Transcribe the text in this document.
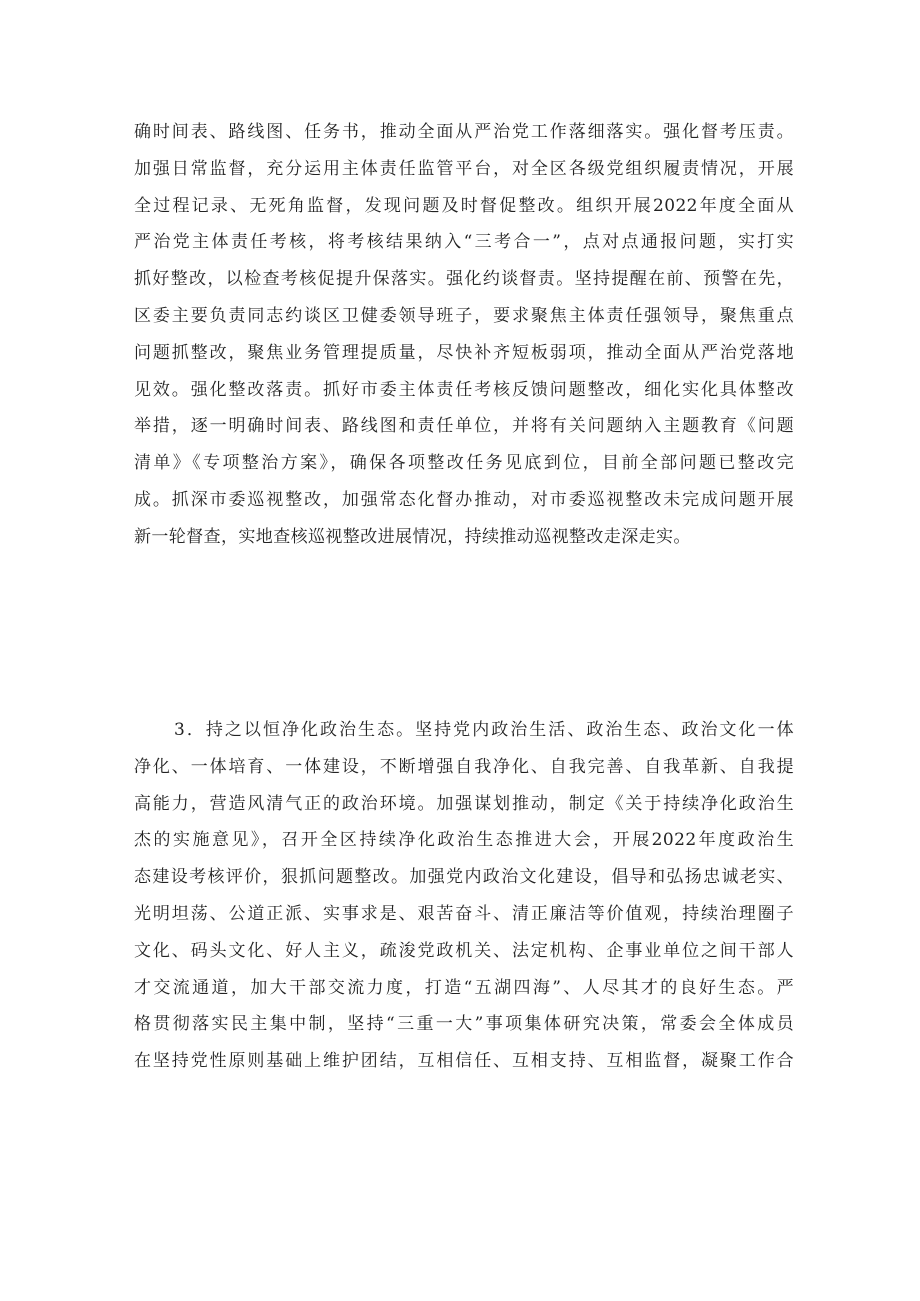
确时间表、路线图、任务书，推动全面从严治党工作落细落实。强化督考压责。
加强日常监督，充分运用主体责任监管平台，对全区各级党组织履责情况，开展
全过程记录、无死角监督，发现问题及时督促整改。组织开展2022年度全面从
严治党主体责任考核，将考核结果纳入“三考合一”，点对点通报问题，实打实
抓好整改，以检查考核促提升保落实。强化约谈督责。坚持提醒在前、预警在先，
区委主要负责同志约谈区卫健委领导班子，要求聚焦主体责任强领导，聚焦重点
问题抓整改，聚焦业务管理提质量，尽快补齐短板弱项，推动全面从严治党落地
见效。强化整改落责。抓好市委主体责任考核反馈问题整改，细化实化具体整改
举措，逐一明确时间表、路线图和责任单位，并将有关问题纳入主题教育《问题
清单》《专项整治方案》，确保各项整改任务见底到位，目前全部问题已整改完
成。抓深市委巡视整改，加强常态化督办推动，对市委巡视整改未完成问题开展
新一轮督查，实地查核巡视整改进展情况，持续推动巡视整改走深走实。
3．持之以恒净化政治生态。坚持党内政治生活、政治生态、政治文化一体
净化、一体培育、一体建设，不断增强自我净化、自我完善、自我革新、自我提
高能力，营造风清气正的政治环境。加强谋划推动，制定《关于持续净化政治生
杰的实施意见》，召开全区持续净化政治生态推进大会，开展2022年度政治生
态建设考核评价，狠抓问题整改。加强党内政治文化建设，倡导和弘扬忠诚老实、
光明坦荡、公道正派、实事求是、艰苦奋斗、清正廉洁等价值观，持续治理圈子
文化、码头文化、好人主义，疏浚党政机关、法定机构、企事业单位之间干部人
才交流通道，加大干部交流力度，打造“五湖四海”、人尽其才的良好生态。严
格贯彻落实民主集中制，坚持“三重一大”事项集体研究决策，常委会全体成员
在坚持党性原则基础上维护团结，互相信任、互相支持、互相监督，凝聚工作合
